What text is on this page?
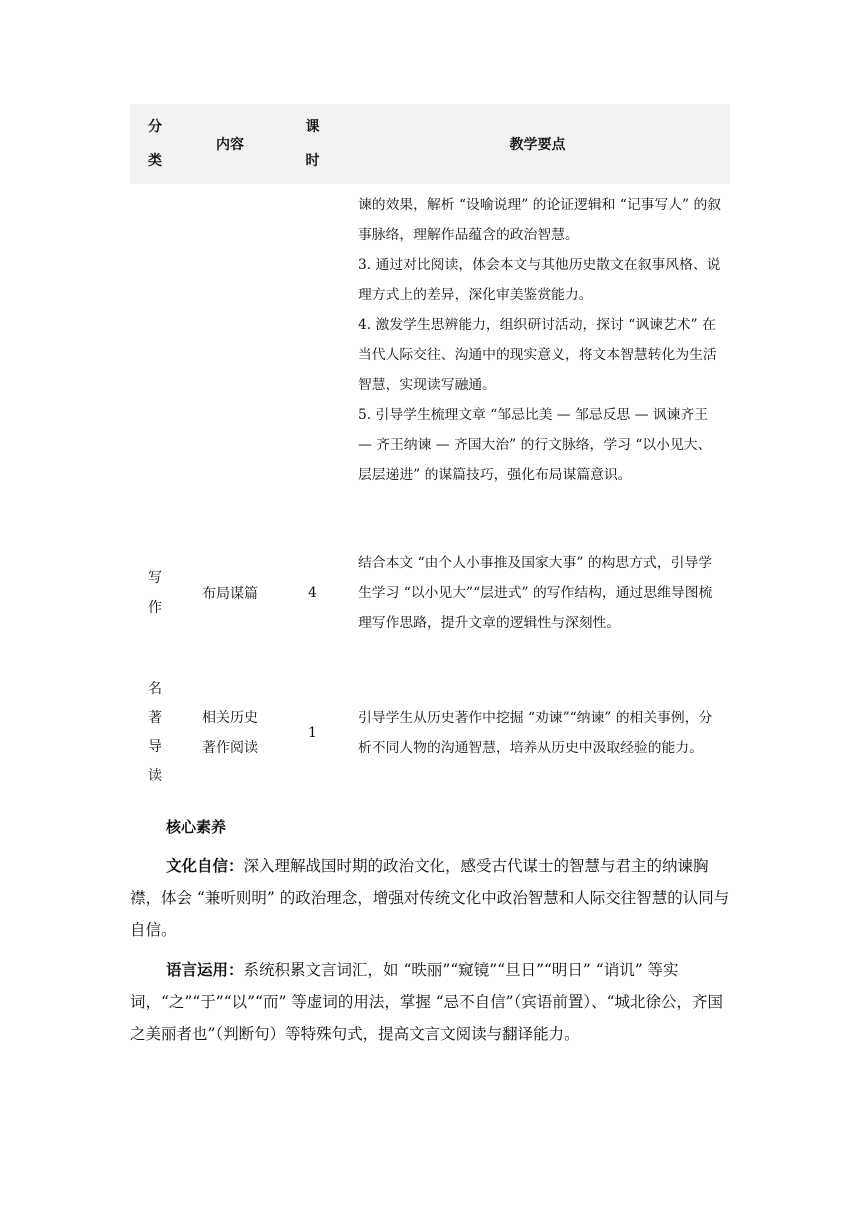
分
类
内容
课
时
教学要点

谏的效果，解析 “设喻说理” 的论证逻辑和 “记事写人” 的叙事脉络，理解作品蕴含的政治智慧。

3. 通过对比阅读，体会本文与其他历史散文在叙事风格、说理方式上的差异，深化审美鉴赏能力。

4. 激发学生思辨能力，组织研讨活动，探讨 “讽谏艺术” 在当代人际交往、沟通中的现实意义，将文本智慧转化为生活智慧，实现读写融通。

5. 引导学生梳理文章 “邹忌比美 — 邹忌反思 — 讽谏齐王 — 齐王纳谏 — 齐国大治” 的行文脉络，学习 “以小见大、层层递进” 的谋篇技巧，强化布局谋篇意识。

写
作
布局谋篇	4
结合本文 “由个人小事推及国家大事” 的构思方式，引导学生学习 “以小见大”“层进式” 的写作结构，通过思维导图梳理写作思路，提升文章的逻辑性与深刻性。
名
著
导
读
相关历史
著作阅读
1
引导学生从历史著作中挖掘 “劝谏”“纳谏” 的相关事例，分析不同人物的沟通智慧，培养从历史中汲取经验的能力。
核心素养

文化自信：深入理解战国时期的政治文化，感受古代谋士的智慧与君主的纳谏胸襟，体会 “兼听则明” 的政治理念，增强对传统文化中政治智慧和人际交往智慧的认同与自信。

语言运用：系统积累文言词汇，如 “昳丽”“窥镜”“旦日”“明日” “诮讥” 等实词，“之”“于”“以”“而” 等虚词的用法，掌握 “忌不自信”（宾语前置）、“城北徐公，齐国之美丽者也”（判断句）等特殊句式，提高文言文阅读与翻译能力。
